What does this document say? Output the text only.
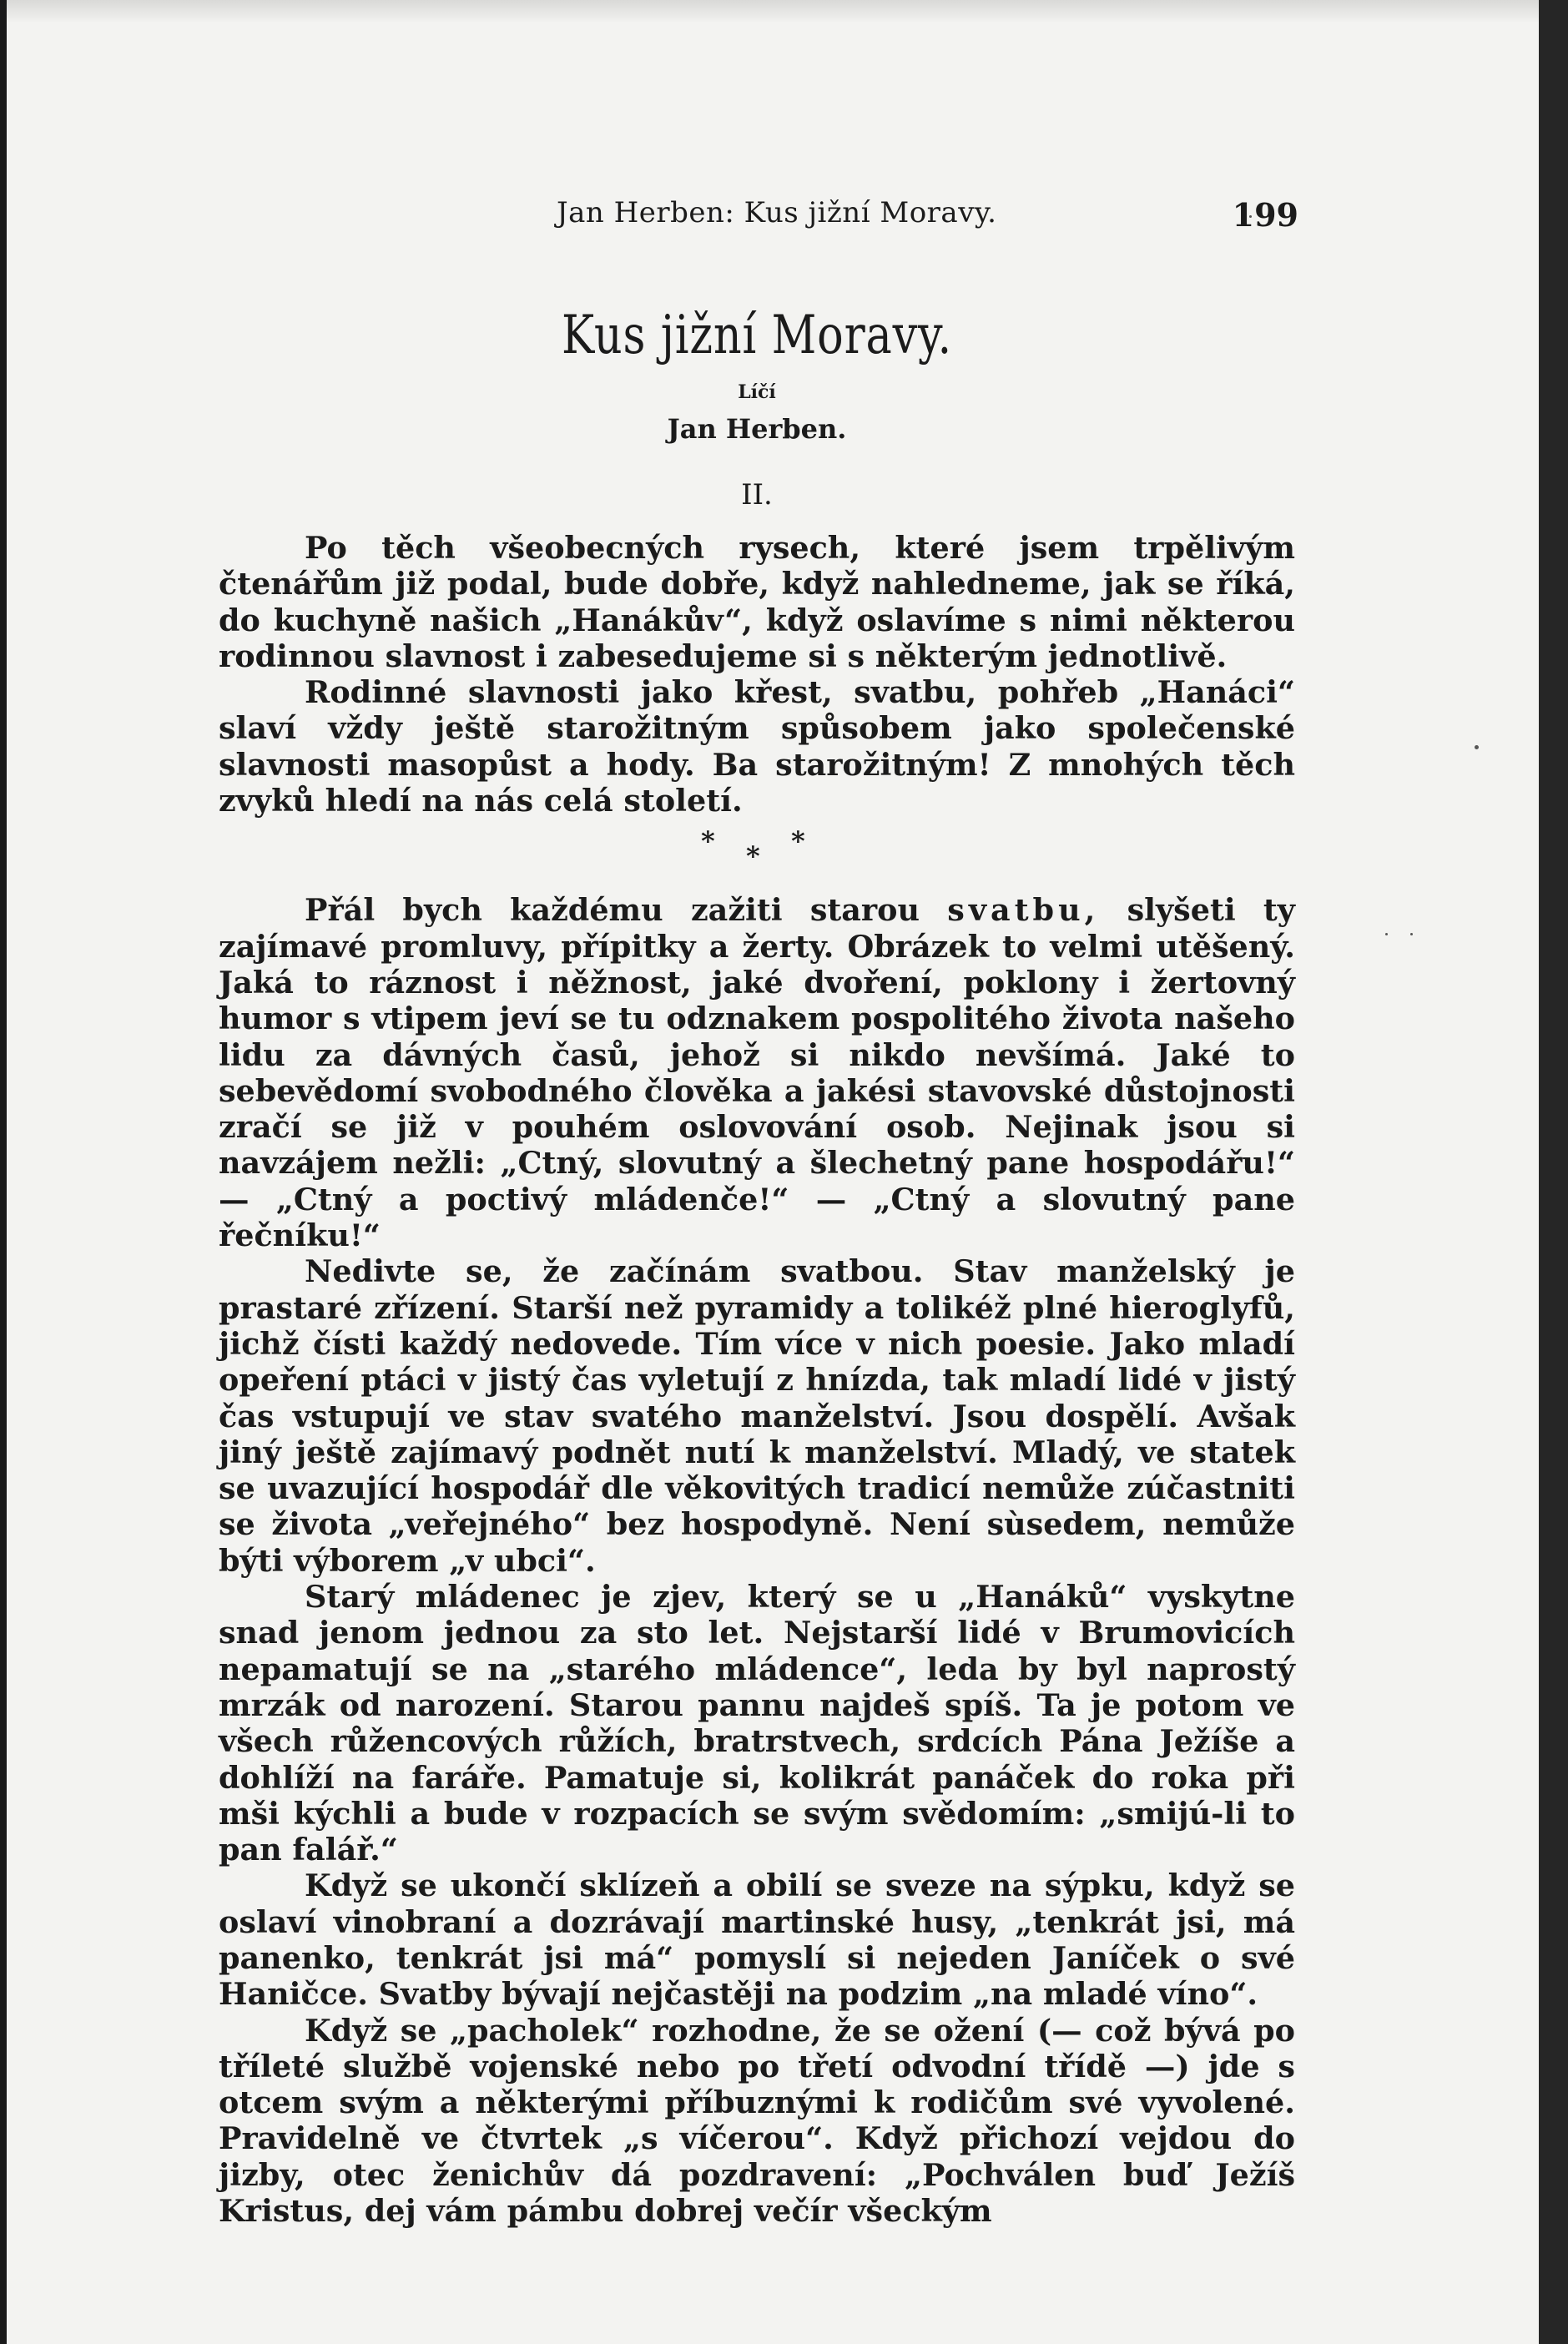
Jan Herben: Kus jižní Moravy.	199
Kus jižní Moravy.
Líčí
Jan Herben.
II.

Po těch všeobecných rysech, které jsem trpělivým čtenářům již podal, bude dobře, když nahledneme, jak se říká, do kuchyně našich „Hanákův“, když oslavíme s nimi některou rodinnou slavnost i zabesedujeme si s některým jednotlivě.

Rodinné slavnosti jako křest, svatbu, pohřeb „Hanáci“ slaví vždy ještě starožitným spůsobem jako společenské slavnosti masopůst a hody. Ba starožitným! Z mnohých těch zvyků hledí na nás celá století.

* * *

Přál bych každému zažiti starou svatbu, slyšeti ty zajímavé promluvy, přípitky a žerty. Obrázek to velmi utěšený. Jaká to ráznost i něžnost, jaké dvoření, poklony i žertovný humor s vtipem jeví se tu odznakem pospolitého života našeho lidu za dávných časů, jehož si nikdo nevšímá. Jaké to sebevědomí svobodného člověka a jakési stavovské důstojnosti zračí se již v pouhém oslovování osob. Nejinak jsou si navzájem nežli: „Ctný, slovutný a šlechetný pane hospodářu!“ — „Ctný a poctivý mládenče!“ — „Ctný a slovutný pane řečníku!“

Nedivte se, že začínám svatbou. Stav manželský je prastaré zřízení. Starší než pyramidy a tolikéž plné hieroglyfů, jichž čísti každý nedovede. Tím více v nich poesie. Jako mladí opeření ptáci v jistý čas vyletují z hnízda, tak mladí lidé v jistý čas vstupují ve stav svatého manželství. Jsou dospělí. Avšak jiný ještě zajímavý podnět nutí k manželství. Mladý, ve statek se uvazující hospodář dle věkovitých tradicí nemůže zúčastniti se života „veřejného“ bez hospodyně. Není sùsedem, nemůže býti výborem „v ubci“.

Starý mládenec je zjev, který se u „Hanáků“ vyskytne snad jenom jednou za sto let. Nejstarší lidé v Brumovicích nepamatují se na „starého mládence“, leda by byl naprostý mrzák od narození. Starou pannu najdeš spíš. Ta je potom ve všech růžencových růžích, bratrstvech, srdcích Pána Ježíše a dohlíží na faráře. Pamatuje si, kolikrát panáček do roka při mši kýchli a bude v rozpacích se svým svědomím: „smijú-li to pan falář.“

Když se ukončí sklízeň a obilí se sveze na sýpku, když se oslaví vinobraní a dozrávají martinské husy, „tenkrát jsi, má panenko, tenkrát jsi má“ pomyslí si nejeden Janíček o své Haničce. Svatby bývají nejčastěji na podzim „na mladé víno“.

Když se „pacholek“ rozhodne, že se ožení (— což bývá po tříleté službě vojenské nebo po třetí odvodní třídě —) jde s otcem svým a některými příbuznými k rodičům své vyvolené. Pravidelně ve čtvrtek „s víčerou“. Když přichozí vejdou do jizby, otec ženichův dá pozdravení: „Pochválen buď Ježíš Kristus, dej vám pámbu dobrej večír všeckým
